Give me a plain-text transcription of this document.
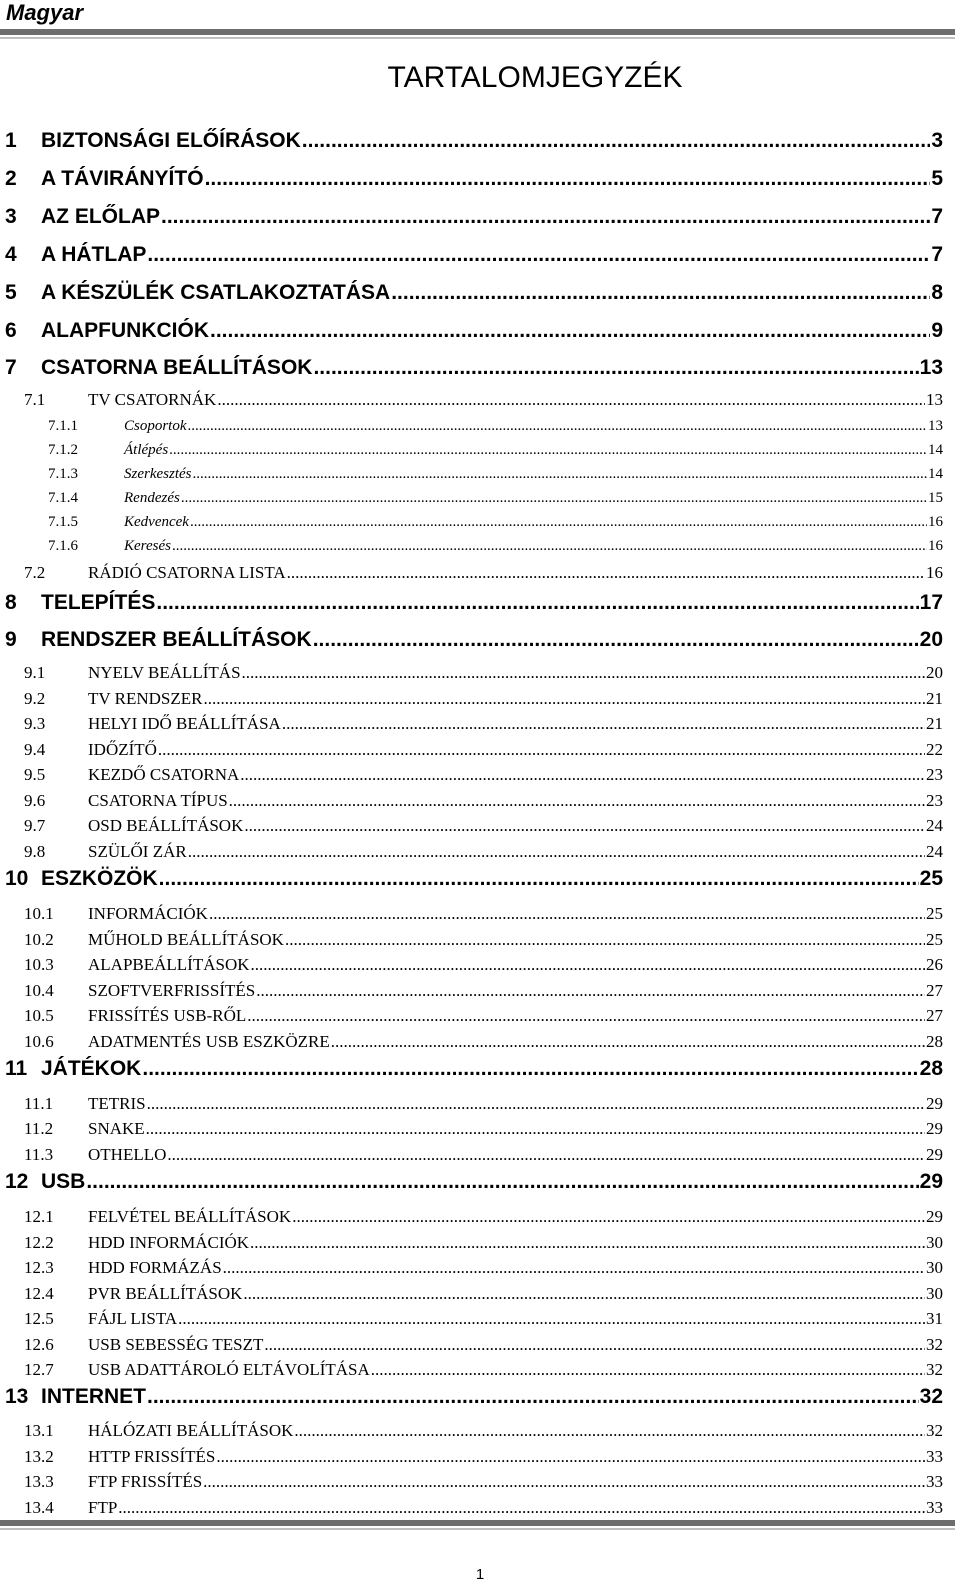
Magyar
TARTALOMJEGYZÉK
1	BIZTONSÁGI ELŐÍRÁSOK .....	3
2	A TÁVIRÁNYÍTÓ .....	5
3	AZ ELŐLAP .....	7
4	A HÁTLAP .....	7
5	A KÉSZÜLÉK CSATLAKOZTATÁSA .....	8
6	ALAPFUNKCIÓK .....	9
7	CSATORNA BEÁLLÍTÁSOK .....	13
7.1	TV CSATORNÁK .....	13
7.1.1	Csoportok .....	13
7.1.2	Átlépés .....	14
7.1.3	Szerkesztés .....	14
7.1.4	Rendezés .....	15
7.1.5	Kedvencek .....	16
7.1.6	Keresés .....	16
7.2	RÁDIÓ CSATORNA LISTA .....	16
8	TELEPÍTÉS .....	17
9	RENDSZER BEÁLLÍTÁSOK .....	20
9.1	NYELV BEÁLLÍTÁS .....	20
9.2	TV RENDSZER .....	21
9.3	HELYI IDŐ BEÁLLÍTÁSA .....	21
9.4	IDŐZÍTŐ .....	22
9.5	KEZDŐ CSATORNA .....	23
9.6	CSATORNA TÍPUS .....	23
9.7	OSD BEÁLLÍTÁSOK .....	24
9.8	SZÜLŐI ZÁR .....	24
10 ESZKÖZÖK .....	25
10.1	INFORMÁCIÓK .....	25
10.2	MŰHOLD BEÁLLÍTÁSOK .....	25
10.3	ALAPBEÁLLÍTÁSOK .....	26
10.4	SZOFTVERFRISSÍTÉS .....	27
10.5	FRISSÍTÉS USB-RŐL .....	27
10.6	ADATMENTÉS USB ESZKÖZRE .....	28
11 JÁTÉKOK .....	28
11.1	TETRIS .....	29
11.2	SNAKE .....	29
11.3	OTHELLO .....	29
12 USB .....	29
12.1	FELVÉTEL BEÁLLÍTÁSOK .....	29
12.2	HDD INFORMÁCIÓK .....	30
12.3	HDD FORMÁZÁS .....	30
12.4	PVR BEÁLLÍTÁSOK .....	30
12.5	FÁJL LISTA .....	31
12.6	USB SEBESSÉG TESZT .....	32
12.7	USB ADATTÁROLÓ ELTÁVOLÍTÁSA .....	32
13 INTERNET .....	32
13.1	HÁLÓZATI BEÁLLÍTÁSOK .....	32
13.2	HTTP FRISSÍTÉS .....	33
13.3	FTP FRISSÍTÉS .....	33
13.4	FTP .....	33
1
